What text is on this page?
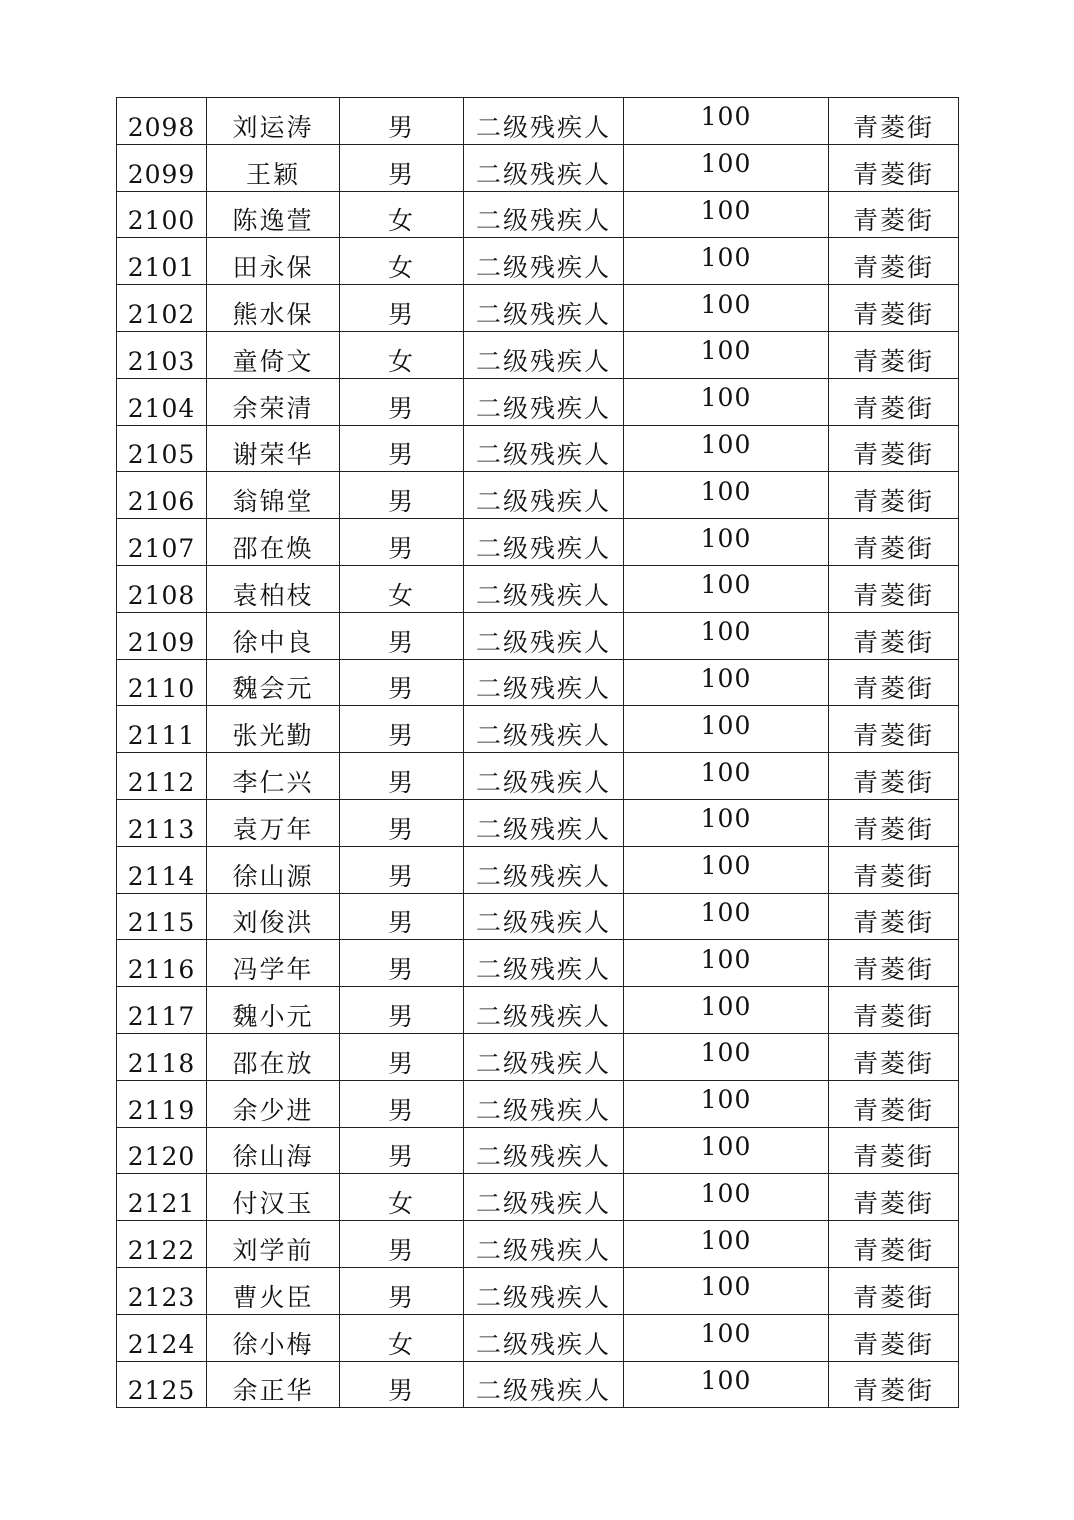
2098	刘运涛	男	二级残疾人	100	青菱街
2099	王颖	男	二级残疾人	100	青菱街
2100	陈逸萱	女	二级残疾人	100	青菱街
2101	田永保	女	二级残疾人	100	青菱街
2102	熊水保	男	二级残疾人	100	青菱街
2103	童倚文	女	二级残疾人	100	青菱街
2104	余荣清	男	二级残疾人	100	青菱街
2105	谢荣华	男	二级残疾人	100	青菱街
2106	翁锦堂	男	二级残疾人	100	青菱街
2107	邵在焕	男	二级残疾人	100	青菱街
2108	袁柏枝	女	二级残疾人	100	青菱街
2109	徐中良	男	二级残疾人	100	青菱街
2110	魏会元	男	二级残疾人	100	青菱街
2111	张光勤	男	二级残疾人	100	青菱街
2112	李仁兴	男	二级残疾人	100	青菱街
2113	袁万年	男	二级残疾人	100	青菱街
2114	徐山源	男	二级残疾人	100	青菱街
2115	刘俊洪	男	二级残疾人	100	青菱街
2116	冯学年	男	二级残疾人	100	青菱街
2117	魏小元	男	二级残疾人	100	青菱街
2118	邵在放	男	二级残疾人	100	青菱街
2119	余少进	男	二级残疾人	100	青菱街
2120	徐山海	男	二级残疾人	100	青菱街
2121	付汉玉	女	二级残疾人	100	青菱街
2122	刘学前	男	二级残疾人	100	青菱街
2123	曹火臣	男	二级残疾人	100	青菱街
2124	徐小梅	女	二级残疾人	100	青菱街
2125	余正华	男	二级残疾人	100	青菱街
